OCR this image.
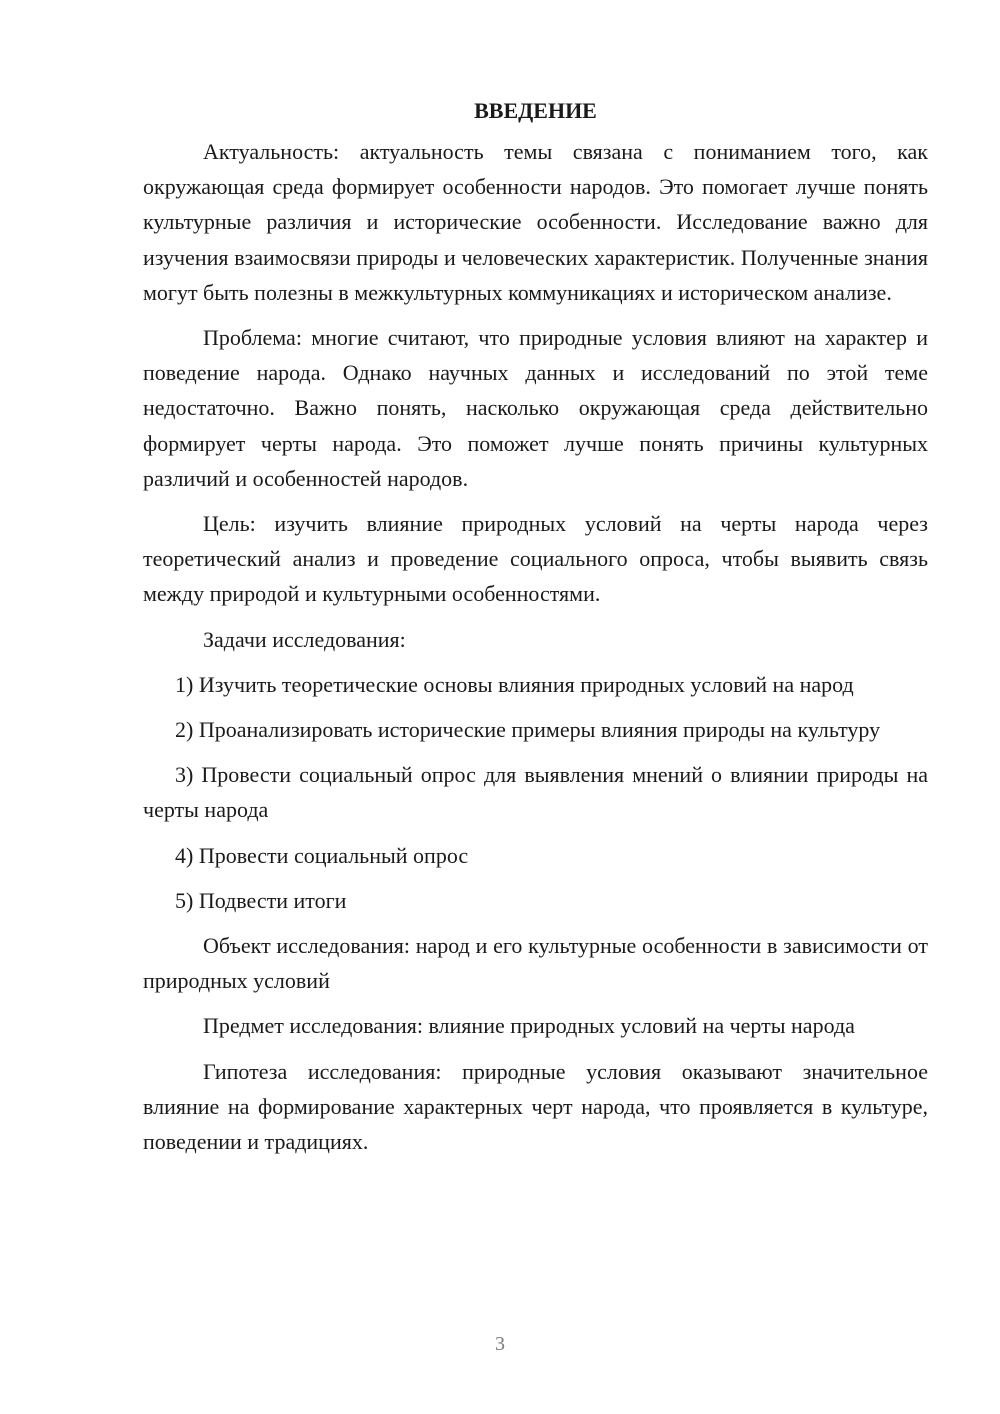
ВВЕДЕНИЕ

Актуальность: актуальность темы связана с пониманием того, как окружающая среда формирует особенности народов. Это помогает лучше понять культурные различия и исторические особенности. Исследование важно для изучения взаимосвязи природы и человеческих характеристик. Полученные знания могут быть полезны в межкультурных коммуникациях и историческом анализе.

Проблема: многие считают, что природные условия влияют на характер и поведение народа. Однако научных данных и исследований по этой теме недостаточно. Важно понять, насколько окружающая среда действительно формирует черты народа. Это поможет лучше понять причины культурных различий и особенностей народов.

Цель: изучить влияние природных условий на черты народа через теоретический анализ и проведение социального опроса, чтобы выявить связь между природой и культурными особенностями.

Задачи исследования:

1) Изучить теоретические основы влияния природных условий на народ

2) Проанализировать исторические примеры влияния природы на культуру

3) Провести социальный опрос для выявления мнений о влиянии природы на черты народа

4) Провести социальный опрос

5) Подвести итоги

Объект исследования: народ и его культурные особенности в зависимости от природных условий

Предмет исследования: влияние природных условий на черты народа

Гипотеза исследования: природные условия оказывают значительное влияние на формирование характерных черт народа, что проявляется в культуре, поведении и традициях.

3
